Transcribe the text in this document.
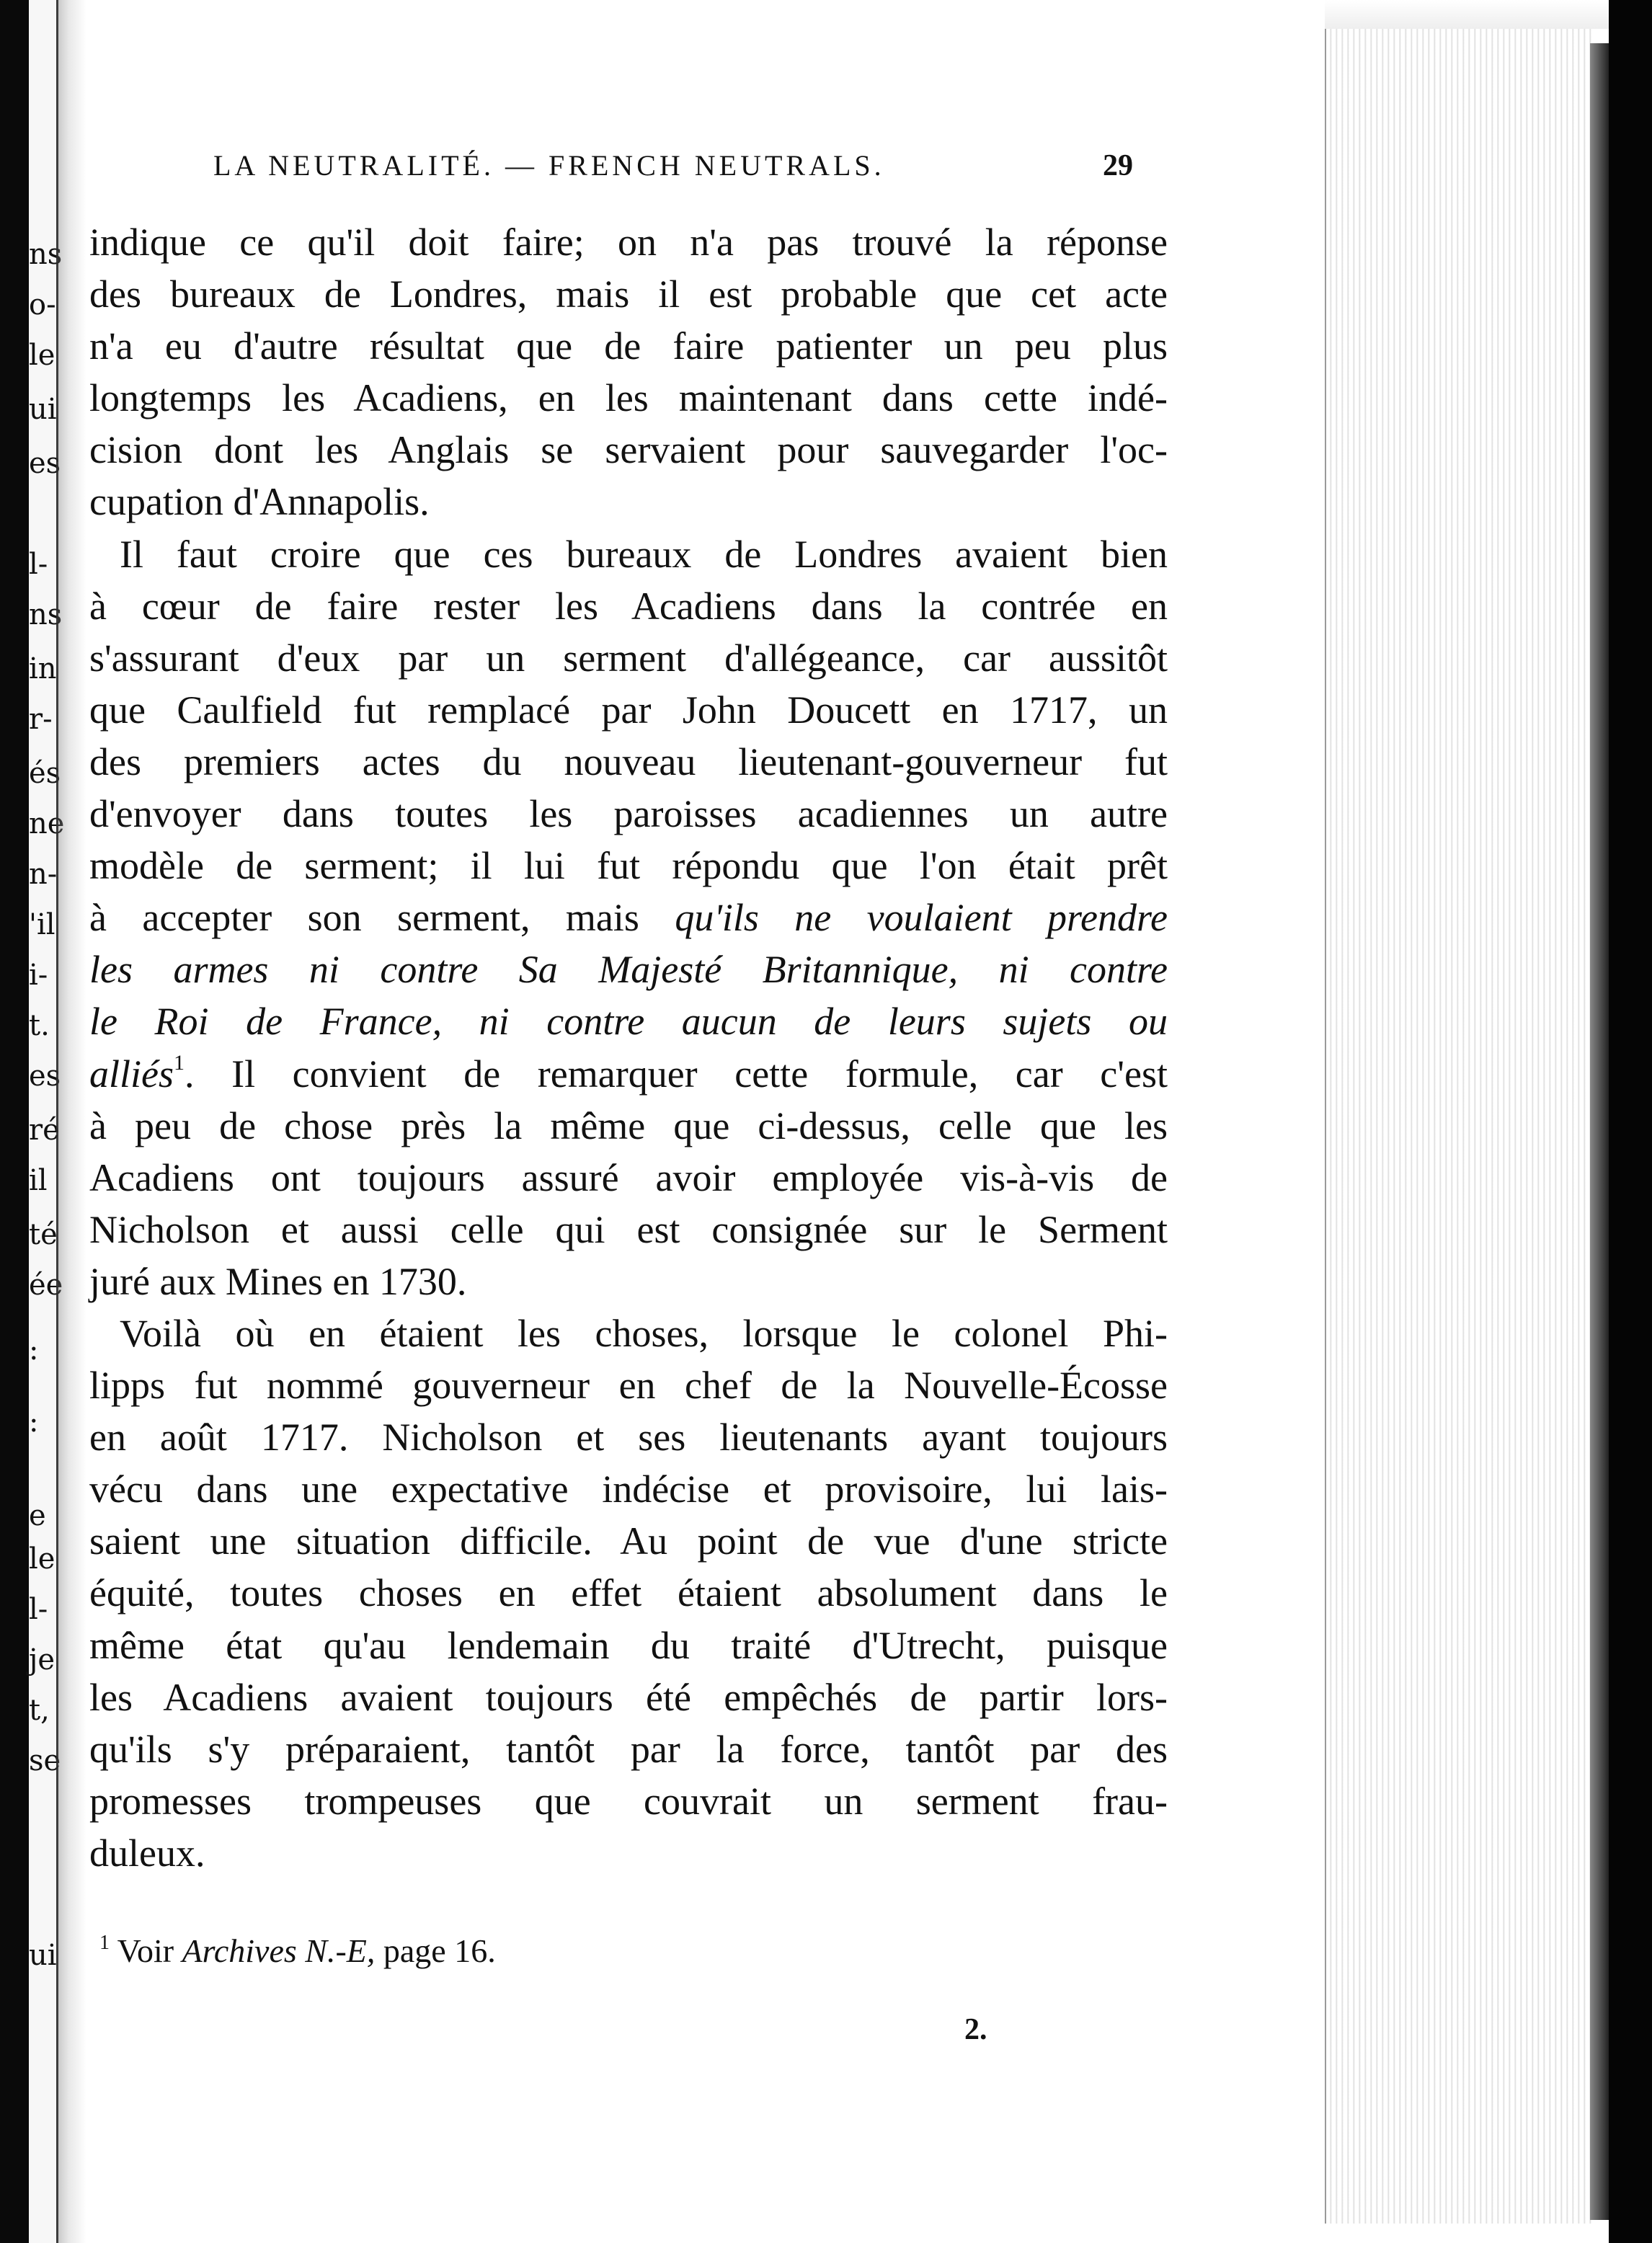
ns
o-
le
ui
es
l-
ns
in
r-
és
ne
n-
'il
i-
t.
es
ré
il
té
ée
:
:
e
le
l-
je
t,
se
ui
LA NEUTRALITÉ. — FRENCH NEUTRALS.	29
indique ce qu'il doit faire; on n'a pas trouvé la réponse
des bureaux de Londres, mais il est probable que cet acte
n'a eu d'autre résultat que de faire patienter un peu plus
longtemps les Acadiens, en les maintenant dans cette indé-
cision dont les Anglais se servaient pour sauvegarder l'oc-
cupation d'Annapolis.
Il faut croire que ces bureaux de Londres avaient bien
à cœur de faire rester les Acadiens dans la contrée en
s'assurant d'eux par un serment d'allégeance, car aussitôt
que Caulfield fut remplacé par John Doucett en 1717, un
des premiers actes du nouveau lieutenant-gouverneur fut
d'envoyer dans toutes les paroisses acadiennes un autre
modèle de serment; il lui fut répondu que l'on était prêt
à accepter son serment, mais qu'ils ne voulaient prendre
les armes ni contre Sa Majesté Britannique, ni contre
le Roi de France, ni contre aucun de leurs sujets ou
alliés$^1$. Il convient de remarquer cette formule, car c'est
à peu de chose près la même que ci-dessus, celle que les
Acadiens ont toujours assuré avoir employée vis-à-vis de
Nicholson et aussi celle qui est consignée sur le Serment
juré aux Mines en 1730.
Voilà où en étaient les choses, lorsque le colonel Phi-
lipps fut nommé gouverneur en chef de la Nouvelle-Écosse
en août 1717. Nicholson et ses lieutenants ayant toujours
vécu dans une expectative indécise et provisoire, lui lais-
saient une situation difficile. Au point de vue d'une stricte
équité, toutes choses en effet étaient absolument dans le
même état qu'au lendemain du traité d'Utrecht, puisque
les Acadiens avaient toujours été empêchés de partir lors-
qu'ils s'y préparaient, tantôt par la force, tantôt par des
promesses trompeuses que couvrait un serment frau-
duleux.
$^1$ Voir Archives N.-E, page 16.
2.
